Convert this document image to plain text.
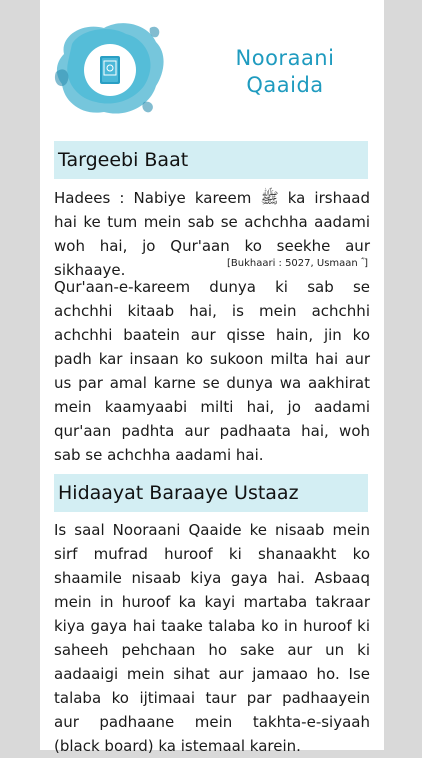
Nooraani
Qaaida
Targeebi Baat
Hadees : Nabiye kareem ﷺ ka irshaad hai ke tum mein sab se achchha aadami woh hai, jo Qur'aan ko seekhe aur sikhaaye.	[Bukhaari : 5027, Usmaan ؓ ]
Qur'aan-e-kareem dunya ki sab se achchhi kitaab hai, is mein achchhi achchhi baatein aur qisse hain, jin ko padh kar insaan ko sukoon milta hai aur us par amal karne se dunya wa aakhirat mein kaamyaabi milti hai, jo aadami qur'aan padhta aur padhaata hai, woh sab se achchha aadami hai.
Hidaayat Baraaye Ustaaz
Is saal Nooraani Qaaide ke nisaab mein sirf mufrad huroof ki shanaakht ko shaamile nisaab kiya gaya hai. Asbaaq mein in huroof ka kayi martaba takraar kiya gaya hai taake talaba ko in huroof ki saheeh pehchaan ho sake aur un ki aadaaigi mein sihat aur jamaao ho. Ise talaba ko ijtimaai taur par padhaayein aur padhaane mein takhta-e-siyaah (black board) ka istemaal karein.
